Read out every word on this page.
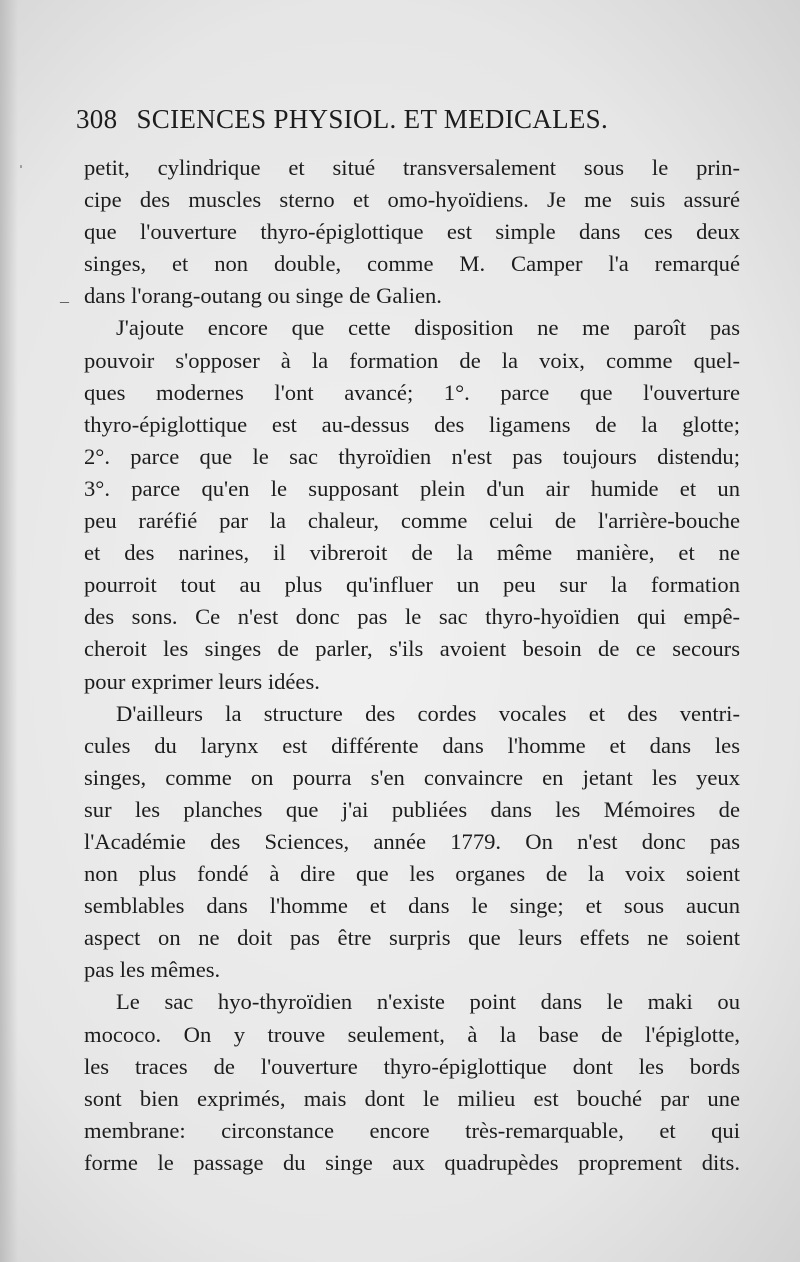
308 SCIENCES PHYSIOL. ET MEDICALES.
ˌ
–
petit, cylindrique et situé transversalement sous le prin-
cipe des muscles sterno et omo-hyoïdiens. Je me suis assuré
que l'ouverture thyro-épiglottique est simple dans ces deux
singes, et non double, comme M. Camper l'a remarqué
dans l'orang-outang ou singe de Galien.
J'ajoute encore que cette disposition ne me paroît pas
pouvoir s'opposer à la formation de la voix, comme quel-
ques modernes l'ont avancé; 1°. parce que l'ouverture
thyro-épiglottique est au-dessus des ligamens de la glotte;
2°. parce que le sac thyroïdien n'est pas toujours distendu;
3°. parce qu'en le supposant plein d'un air humide et un
peu raréfié par la chaleur, comme celui de l'arrière-bouche
et des narines, il vibreroit de la même manière, et ne
pourroit tout au plus qu'influer un peu sur la formation
des sons. Ce n'est donc pas le sac thyro-hyoïdien qui empê-
cheroit les singes de parler, s'ils avoient besoin de ce secours
pour exprimer leurs idées.
D'ailleurs la structure des cordes vocales et des ventri-
cules du larynx est différente dans l'homme et dans les
singes, comme on pourra s'en convaincre en jetant les yeux
sur les planches que j'ai publiées dans les Mémoires de
l'Académie des Sciences, année 1779. On n'est donc pas
non plus fondé à dire que les organes de la voix soient
semblables dans l'homme et dans le singe; et sous aucun
aspect on ne doit pas être surpris que leurs effets ne soient
pas les mêmes.
Le sac hyo-thyroïdien n'existe point dans le maki ou
mococo. On y trouve seulement, à la base de l'épiglotte,
les traces de l'ouverture thyro-épiglottique dont les bords
sont bien exprimés, mais dont le milieu est bouché par une
membrane: circonstance encore très-remarquable, et qui
forme le passage du singe aux quadrupèdes proprement dits.
